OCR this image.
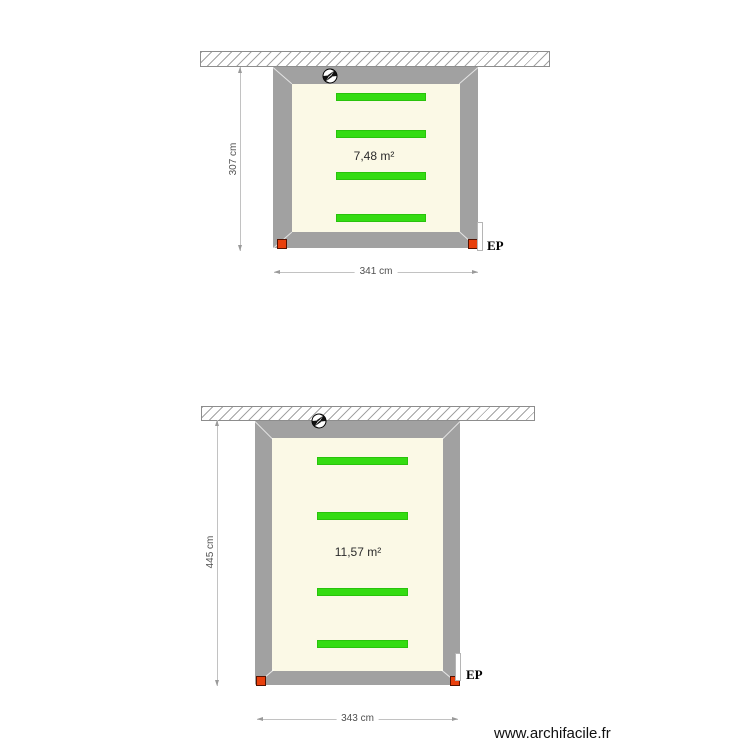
7,48 m²
EP
307 cm
341 cm
11,57 m²
EP
445 cm
343 cm
www.archifacile.fr
